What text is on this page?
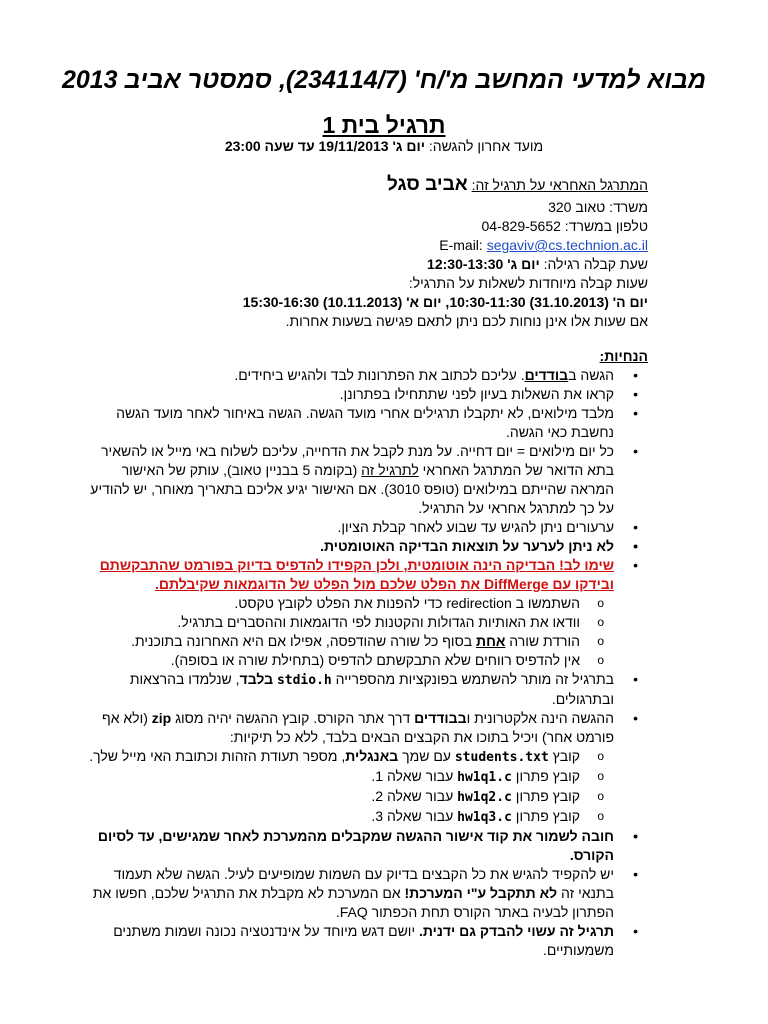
מבוא למדעי המחשב מ'/ח' (234114/7), סמסטר אביב 2013
תרגיל בית 1
מועד אחרון להגשה: יום ג' 19/11/2013 עד שעה 23:00

המתרגל האחראי על תרגיל זה: אביב סגל

משרד: טאוב 320

טלפון במשרד: 04-829-5652

E-mail: segaviv@cs.technion.ac.il

שעת קבלה רגילה: יום ג' 12:30-13:30

שעות קבלה מיוחדות לשאלות על התרגיל:

יום ה' (31.10.2013) 10:30-11:30, יום א' (10.11.2013) 15:30-16:30

אם שעות אלו אינן נוחות לכם ניתן לתאם פגישה בשעות אחרות.

הנחיות:
• הגשה בבודדים. עליכם לכתוב את הפתרונות לבד ולהגיש ביחידים.
• קראו את השאלות בעיון לפני שתתחילו בפתרונן.
• מלבד מילואים, לא יתקבלו תרגילים אחרי מועד הגשה. הגשה באיחור לאחר מועד הגשה נחשבת כאי הגשה.
• כל יום מילואים = יום דחייה. על מנת לקבל את הדחייה, עליכם לשלוח באי מייל או להשאיר בתא הדואר של המתרגל האחראי לתרגיל זה (בקומה 5 בבניין טאוב), עותק של האישור המראה שהייתם במילואים (טופס 3010). אם האישור יגיע אליכם בתאריך מאוחר, יש להודיע על כך למתרגל אחראי על התרגיל.
• ערעורים ניתן להגיש עד שבוע לאחר קבלת הציון.
• לא ניתן לערער על תוצאות הבדיקה האוטומטית.
• שימו לב! הבדיקה הינה אוטומטית, ולכן הקפידו להדפיס בדיוק בפורמט שהתבקשתם ובידקו עם DiffMerge את הפלט שלכם מול הפלט של הדוגמאות שקיבלתם.
o השתמשו ב redirection כדי להפנות את הפלט לקובץ טקסט.
o וודאו את האותיות הגדולות והקטנות לפי הדוגמאות וההסברים בתרגיל.
o הורדת שורה אחת בסוף כל שורה שהודפסה, אפילו אם היא האחרונה בתוכנית.
o אין להדפיס רווחים שלא התבקשתם להדפיס (בתחילת שורה או בסופה).
• בתרגיל זה מותר להשתמש בפונקציות מהספרייה stdio.h בלבד, שנלמדו בהרצאות ובתרגולים.
• ההגשה הינה אלקטרונית ובבודדים דרך אתר הקורס. קובץ ההגשה יהיה מסוג zip (ולא אף פורמט אחר) ויכיל בתוכו את הקבצים הבאים בלבד, ללא כל תיקיות:
o קובץ students.txt עם שמך באנגלית, מספר תעודת הזהות וכתובת האי מייל שלך.
o קובץ פתרון hw1q1.c עבור שאלה 1.
o קובץ פתרון hw1q2.c עבור שאלה 2.
o קובץ פתרון hw1q3.c עבור שאלה 3.
• חובה לשמור את קוד אישור ההגשה שמקבלים מהמערכת לאחר שמגישים, עד לסיום הקורס.
• יש להקפיד להגיש את כל הקבצים בדיוק עם השמות שמופיעים לעיל. הגשה שלא תעמוד בתנאי זה לא תתקבל ע"י המערכת! אם המערכת לא מקבלת את התרגיל שלכם, חפשו את הפתרון לבעיה באתר הקורס תחת הכפתור FAQ.
• תרגיל זה עשוי להבדק גם ידנית. יושם דגש מיוחד על אינדנטציה נכונה ושמות משתנים משמעותיים.
